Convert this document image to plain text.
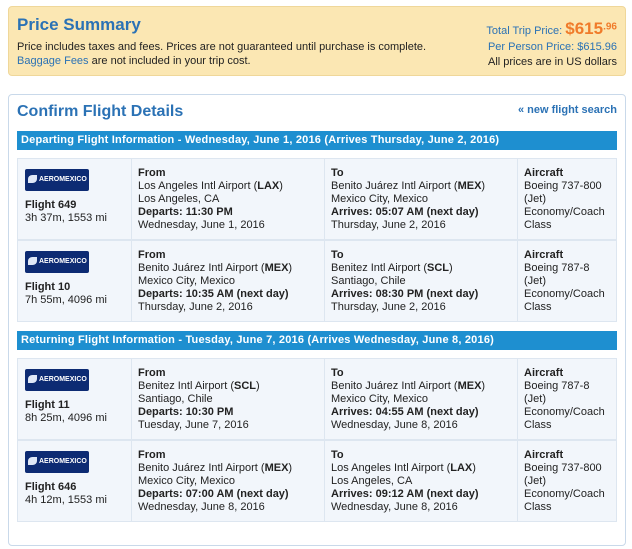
Price Summary
Price includes taxes and fees. Prices are not guaranteed until purchase is complete.
Baggage Fees are not included in your trip cost.
Total Trip Price: $615.96
Per Person Price: $615.96
All prices are in US dollars
Confirm Flight Details	« new flight search
Departing Flight Information - Wednesday, June 1, 2016 (Arrives Thursday, June 2, 2016)
AEROMEXICO
Flight 649
3h 37m, 1553 mi
From
Los Angeles Intl Airport (LAX)
Los Angeles, CA
Departs: 11:30 PM
Wednesday, June 1, 2016
To
Benito Juárez Intl Airport (MEX)
Mexico City, Mexico
Arrives: 05:07 AM (next day)
Thursday, June 2, 2016
Aircraft
Boeing 737-800 (Jet)
Economy/Coach Class
AEROMEXICO
Flight 10
7h 55m, 4096 mi
From
Benito Juárez Intl Airport (MEX)
Mexico City, Mexico
Departs: 10:35 AM (next day)
Thursday, June 2, 2016
To
Benitez Intl Airport (SCL)
Santiago, Chile
Arrives: 08:30 PM (next day)
Thursday, June 2, 2016
Aircraft
Boeing 787-8 (Jet)
Economy/Coach Class
Returning Flight Information - Tuesday, June 7, 2016 (Arrives Wednesday, June 8, 2016)
AEROMEXICO
Flight 11
8h 25m, 4096 mi
From
Benitez Intl Airport (SCL)
Santiago, Chile
Departs: 10:30 PM
Tuesday, June 7, 2016
To
Benito Juárez Intl Airport (MEX)
Mexico City, Mexico
Arrives: 04:55 AM (next day)
Wednesday, June 8, 2016
Aircraft
Boeing 787-8 (Jet)
Economy/Coach Class
AEROMEXICO
Flight 646
4h 12m, 1553 mi
From
Benito Juárez Intl Airport (MEX)
Mexico City, Mexico
Departs: 07:00 AM (next day)
Wednesday, June 8, 2016
To
Los Angeles Intl Airport (LAX)
Los Angeles, CA
Arrives: 09:12 AM (next day)
Wednesday, June 8, 2016
Aircraft
Boeing 737-800 (Jet)
Economy/Coach Class
